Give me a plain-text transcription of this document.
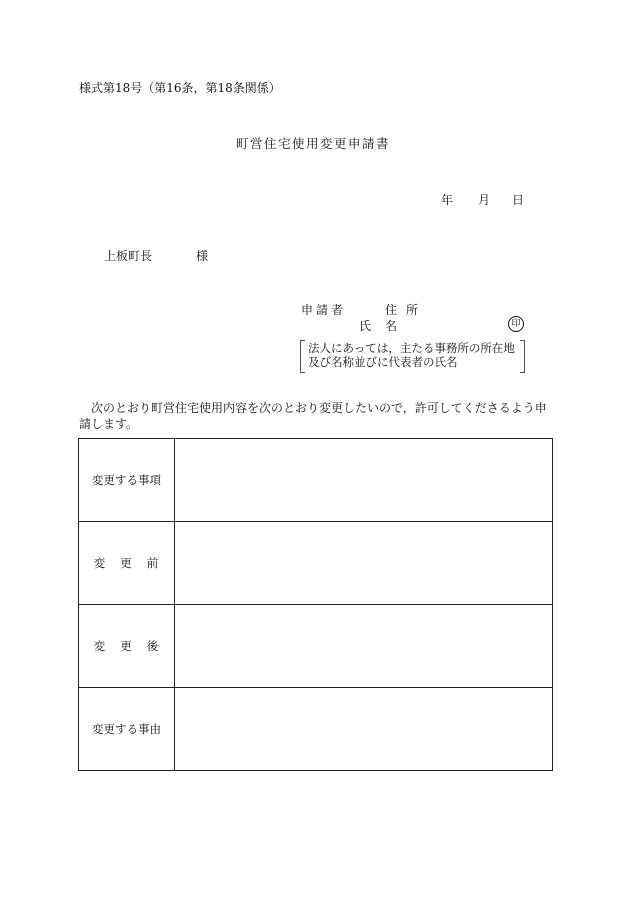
様式第18号（第16条，第18条関係）
町営住宅使用変更申請書
年 月 日
上板町長	様
申請者	住所
氏名	印
法人にあっては，主たる事務所の所在地
及び名称並びに代表者の氏名
次のとおり町営住宅使用内容を次のとおり変更したいので，許可してくださるよう申請します。
変更する事項	
変更前	
変更後	
変更する事由	
